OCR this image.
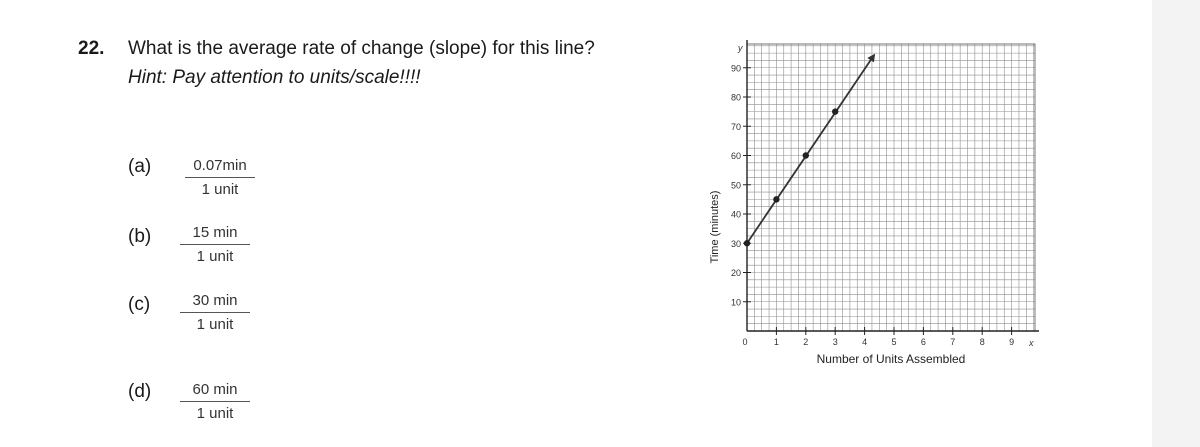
22. What is the average rate of change (slope) for this line?
Hint: Pay attention to units/scale!!!!
(a)	0.07min
1 unit
(b)	15 min
1 unit
(c)	30 min
1 unit
(d)	60 min
1 unit
10
20
30
40
50
60
70
80
90
0	1	2	3	4	5	6	7	8	9
y
x
Number of Units Assembled
Time (minutes)
